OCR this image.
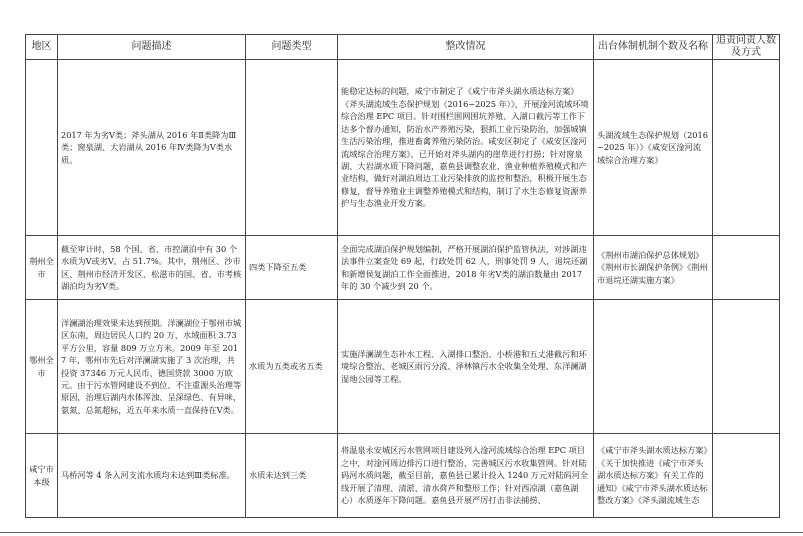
地区	问题描述	问题类型	整改情况	出台体制机制个数及名称	追责问责人数及方式
	2017 年为劣Ⅴ类；斧头湖从 2016 年Ⅱ类降为Ⅲ类；窗泉湖、大岩湖从 2016 年Ⅳ类降为Ⅴ类水质。		能稳定达标的问题，咸宁市制定了《咸宁市斧头湖水质达标方案》《斧头湖流域生态保护规划（2016−2025 年）》，开展淦河流域环境综合治理 EPC 项目。针对围栏围网围坑养殖、入湖口截污等工作下达多个督办通知，防治水产养殖污染，狠抓工业污染防治，加强城镇生活污染治理，推进畜禽养殖污染防治。咸安区制定了《咸安区淦河流域综合治理方案》，已开始对斧头湖内的崖草进行打捞；针对窗泉湖、大岩湖水质下降问题，嘉鱼县调整农业、渔业种植养殖模式和产业结构，做好对湖泊周边工业污染排放的监控和整治，积极开展生态修复，督导养殖业主调整养殖模式和结构，制订了水生态修复资源养护与生态渔业开发方案。	头湖流域生态保护规划（2016−2025 年）》《咸安区淦河流域综合治理方案》	
荆州全市	截至审计时，58 个国、省、市控湖泊中有 30 个水质为Ⅴ或劣Ⅴ，占 51.7%。其中，荆州区、沙市区、荆州市经济开发区、松滋市的国、省、市考核湖泊均为劣Ⅴ类。	四类下降至五类	全面完成湖泊保护规划编制，严格开展湖泊保护监管执法，对涉湖违法事件立案查处 69 起，行政处罚 62 人，刑事处罚 9 人，退垸还湖和新增侯复湖泊工作全面推进，2018 年劣Ⅴ类的湖泊数量由 2017 年的 30 个减少到 20 个。	《荆州市湖泊保护总体规划》《荆州市长湖保护条例》《荆州市退垸还湖实施方案》	
鄂州全市	洋澜湖治理效果未达到预期。洋澜湖位于鄂州市城区东南，周边居民人口约 20 万，水域面积 3.73 平方公里，容量 809 万立方米。2009 年至 2017 年，鄂州市先后对洋澜湖实施了 3 次治理，共投资 37346 万元人民币、德国贷款 3000 万欧元。由于污水管网建设不到位、不注重源头治理等原因，治理后湖内水体浑浊、呈深绿色、有异味，氨氮、总氮超标，近五年来水质一直保持在Ⅴ类。	水质为五类或劣五类	实施洋澜湖生态补水工程、入湖排口整治、小桥港和五丈港截污和环境综合整治、老城区雨污分流、泽林镇污水全收集全处理、东洋澜湖湿地公园等工程。		
咸宁市本级	马桥河等 4 条入河支流水质均未达到Ⅲ类标准。	水质未达到三类	将温泉永安城区污水管网项目建设列入淦河流域综合治理 EPC 项目之中，对淦河周边排污口进行整治，完善城区污水收集管网。针对陆码河水质问题，截至目前，嘉鱼县已累计投入 1240 万元对陆码河全线开展了清理、清淤、清水荷芦和整形工作；针对西凉湖（嘉鱼湖心）水质逐年下降问题。嘉鱼县开展严厉打击非法捕捞、	《咸宁市斧头湖水质达标方案》《关于加快推进《咸宁市斧头湖水质达标方案》有关工作的通知》《咸宁市斧头湖水质达标整改方案》《斧头湖流域生态	
